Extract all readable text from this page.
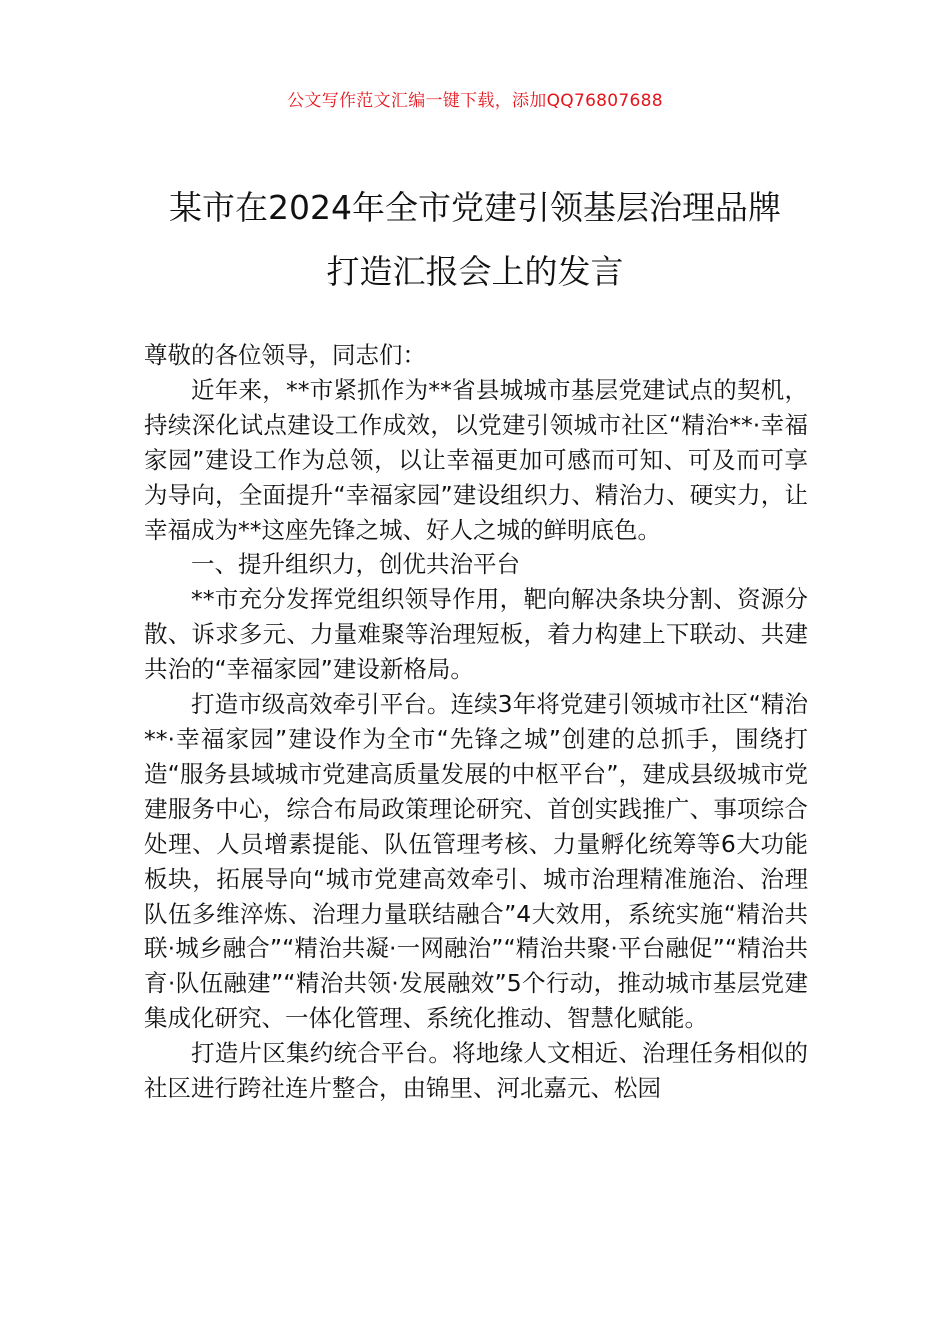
公文写作范文汇编一键下载，添加QQ76807688
某市在2024年全市党建引领基层治理品牌
打造汇报会上的发言

尊敬的各位领导，同志们：

近年来，**市紧抓作为**省县城城市基层党建试点的契机，持续深化试点建设工作成效，以党建引领城市社区“精治**·幸福家园”建设工作为总领，以让幸福更加可感而可知、可及而可享为导向，全面提升“幸福家园”建设组织力、精治力、硬实力，让幸福成为**这座先锋之城、好人之城的鲜明底色。

一、提升组织力，创优共治平台

**市充分发挥党组织领导作用，靶向解决条块分割、资源分散、诉求多元、力量难聚等治理短板，着力构建上下联动、共建共治的“幸福家园”建设新格局。

打造市级高效牵引平台。连续3年将党建引领城市社区“精治**·幸福家园”建设作为全市“先锋之城”创建的总抓手，围绕打造“服务县域城市党建高质量发展的中枢平台”，建成县级城市党建服务中心，综合布局政策理论研究、首创实践推广、事项综合处理、人员增素提能、队伍管理考核、力量孵化统筹等6大功能板块，拓展导向“城市党建高效牵引、城市治理精准施治、治理队伍多维淬炼、治理力量联结融合”4大效用，系统实施“精治共联·城乡融合”“精治共凝·一网融治”“精治共聚·平台融促”“精治共育·队伍融建”“精治共领·发展融效”5个行动，推动城市基层党建集成化研究、一体化管理、系统化推动、智慧化赋能。

打造片区集约统合平台。将地缘人文相近、治理任务相似的社区进行跨社连片整合，由锦里、河北嘉元、松园
